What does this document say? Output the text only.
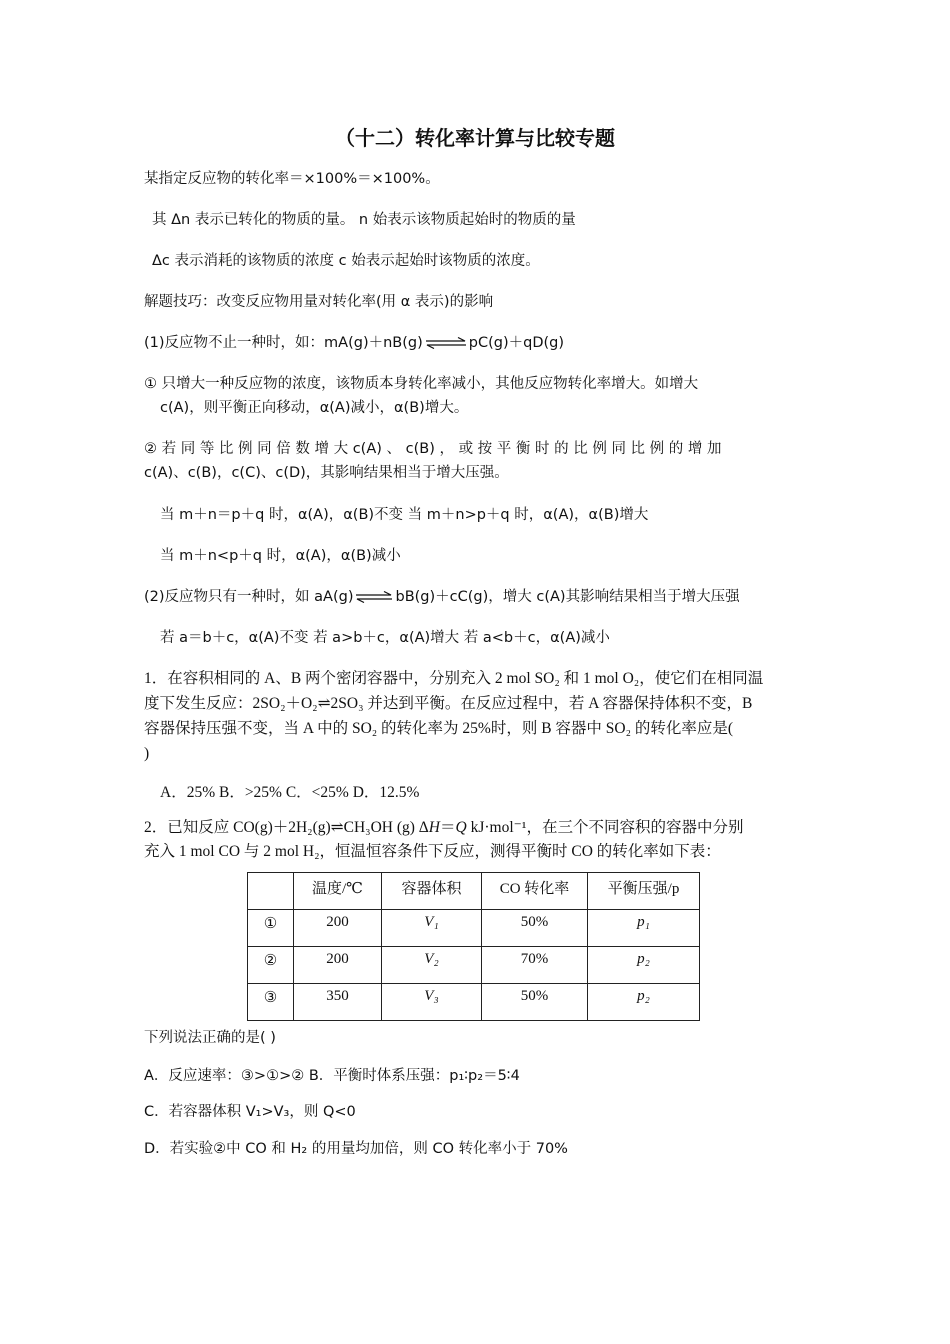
（十二）转化率计算与比较专题
某指定反应物的转化率＝×100%＝×100%。
其 Δn 表示已转化的物质的量。 n 始表示该物质起始时的物质的量
Δc 表示消耗的该物质的浓度 c 始表示起始时该物质的浓度。
解题技巧：改变反应物用量对转化率(用 α 表示)的影响
(1)反应物不止一种时，如：mA(g)＋nB(g)⇌pC(g)＋qD(g)
① 只增大一种反应物的浓度，该物质本身转化率减小，其他反应物转化率增大。如增大
c(A)，则平衡正向移动，α(A)减小，α(B)增大。
② 若 同 等 比 例 同 倍 数 增 大 c(A) 、 c(B) ， 或 按 平 衡 时 的 比 例 同 比 例 的 增 加
c(A)、c(B)，c(C)、c(D)，其影响结果相当于增大压强。
当 m＋n＝p＋q 时，α(A)，α(B)不变 当 m＋n>p＋q 时，α(A)，α(B)增大
当 m＋n<p＋q 时，α(A)，α(B)减小
(2)反应物只有一种时，如 aA(g)⇌bB(g)＋cC(g)，增大 c(A)其影响结果相当于增大压强
若 a＝b＋c，α(A)不变 若 a>b＋c，α(A)增大 若 a<b＋c，α(A)减小
1．在容积相同的 A、B 两个密闭容器中，分别充入 2 mol SO₂ 和 1 mol O₂，使它们在相同温
度下发生反应：2SO₂＋O₂⇌2SO₃ 并达到平衡。在反应过程中，若 A 容器保持体积不变，B
容器保持压强不变，当 A 中的 SO₂ 的转化率为 25%时，则 B 容器中 SO₂ 的转化率应是(
)
A．25% B．>25% C．<25% D．12.5%
2．已知反应 CO(g)＋2H₂(g)⇌CH₃OH (g) ΔH＝Q kJ·mol⁻¹，在三个不同容积的容器中分别
充入 1 mol CO 与 2 mol H₂，恒温恒容条件下反应，测得平衡时 CO 的转化率如下表：
	温度/℃	容器体积	CO 转化率	平衡压强/p
①	200	V₁	50%	p₁
②	200	V₂	70%	p₂
③	350	V₃	50%	p₂
下列说法正确的是( )
A．反应速率：③>①>② B．平衡时体系压强：p₁∶p₂＝5∶4
C．若容器体积 V₁>V₃，则 Q<0
D．若实验②中 CO 和 H₂ 的用量均加倍，则 CO 转化率小于 70%
